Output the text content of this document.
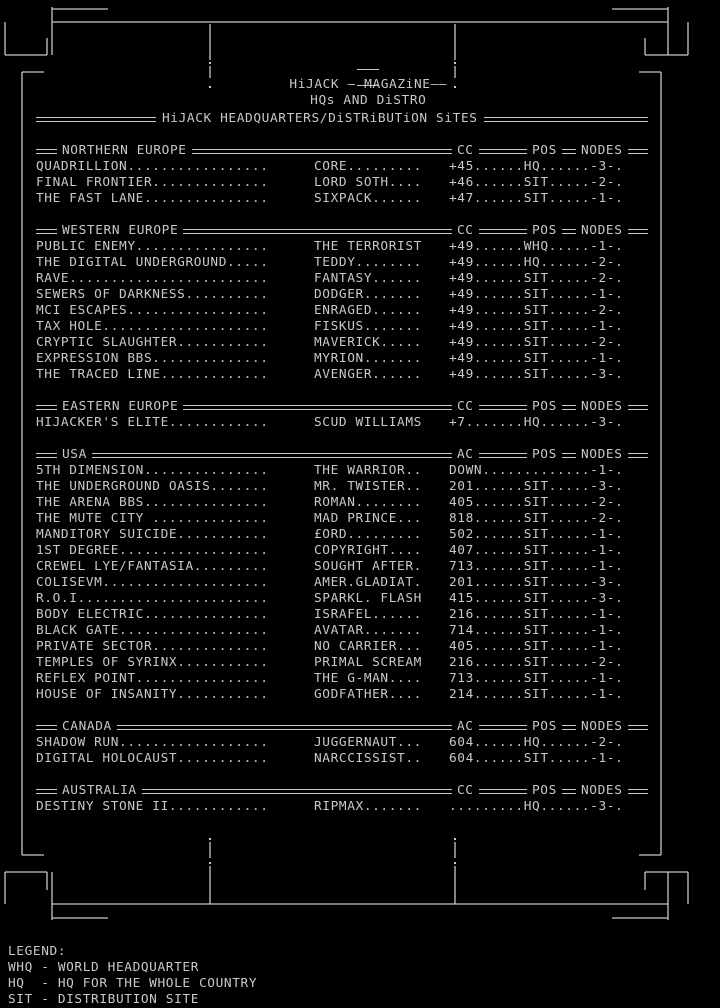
HiJACK — MAGAZiNE——

HQs AND DiSTRO

HiJACK HEADQUARTERS/DiSTRiBUTiON SiTES
NORTHERN EUROPE	CC	POS	NODES
QUADRILLION.................	CORE......... +45......HQ......-3-.
FINAL FRONTIER..............	LORD SOTH.... +46......SIT.....-2-.
THE FAST LANE...............	SIXPACK...... +47......SIT.....-1-.
WESTERN EUROPE	CC	POS	NODES
PUBLIC ENEMY................	THE TERRORIST +49......WHQ.....-1-.
THE DIGITAL UNDERGROUND.....	TEDDY........ +49......HQ......-2-.
RAVE........................	FANTASY...... +49......SIT.....-2-.
SEWERS OF DARKNESS..........	DODGER....... +49......SIT.....-1-.
MCI ESCAPES.................	ENRAGED...... +49......SIT.....-2-.
TAX HOLE....................	FISKUS....... +49......SIT.....-1-.
CRYPTIC SLAUGHTER...........	MAVERICK..... +49......SIT.....-2-.
EXPRESSION BBS..............	MYRION....... +49......SIT.....-1-.
THE TRACED LINE.............	AVENGER...... +49......SIT.....-3-.
EASTERN EUROPE	CC	POS	NODES
HIJACKER'S ELITE............	SCUD WILLIAMS +7.......HQ......-3-.
USA	AC	POS	NODES
5TH DIMENSION...............	THE WARRIOR.. DOWN.............-1-.
THE UNDERGROUND OASIS.......	MR. TWISTER.. 201......SIT.....-3-.
THE ARENA BBS...............	ROMAN........ 405......SIT.....-2-.
THE MUTE CITY ..............	MAD PRINCE... 818......SIT.....-2-.
MANDITORY SUICIDE...........	£ORD......... 502......SIT.....-1-.
1ST DEGREE..................	COPYRIGHT.... 407......SIT.....-1-.
CREWEL LYE/FANTASIA.........	SOUGHT AFTER. 713......SIT.....-1-.
COLISEVM....................	AMER.GLADIAT. 201......SIT.....-3-.
R.O.I.......................	SPARKL. FLASH 415......SIT.....-3-.
BODY ELECTRIC...............	ISRAFEL...... 216......SIT.....-1-.
BLACK GATE..................	AVATAR....... 714......SIT.....-1-.
PRIVATE SECTOR..............	NO CARRIER... 405......SIT.....-1-.
TEMPLES OF SYRINX...........	PRIMAL SCREAM 216......SIT.....-2-.
REFLEX POINT................	THE G-MAN.... 713......SIT.....-1-.
HOUSE OF INSANITY...........	GODFATHER.... 214......SIT.....-1-.
CANADA	AC	POS	NODES
SHADOW RUN..................	JUGGERNAUT... 604......HQ......-2-.
DIGITAL HOLOCAUST...........	NARCCISSIST.. 604......SIT.....-1-.
AUSTRALIA	CC	POS	NODES
DESTINY STONE II............	RIPMAX....... .........HQ......-3-.
LEGEND:
WHQ - WORLD HEADQUARTER
HQ  - HQ FOR THE WHOLE COUNTRY
SIT - DISTRIBUTION SITE
